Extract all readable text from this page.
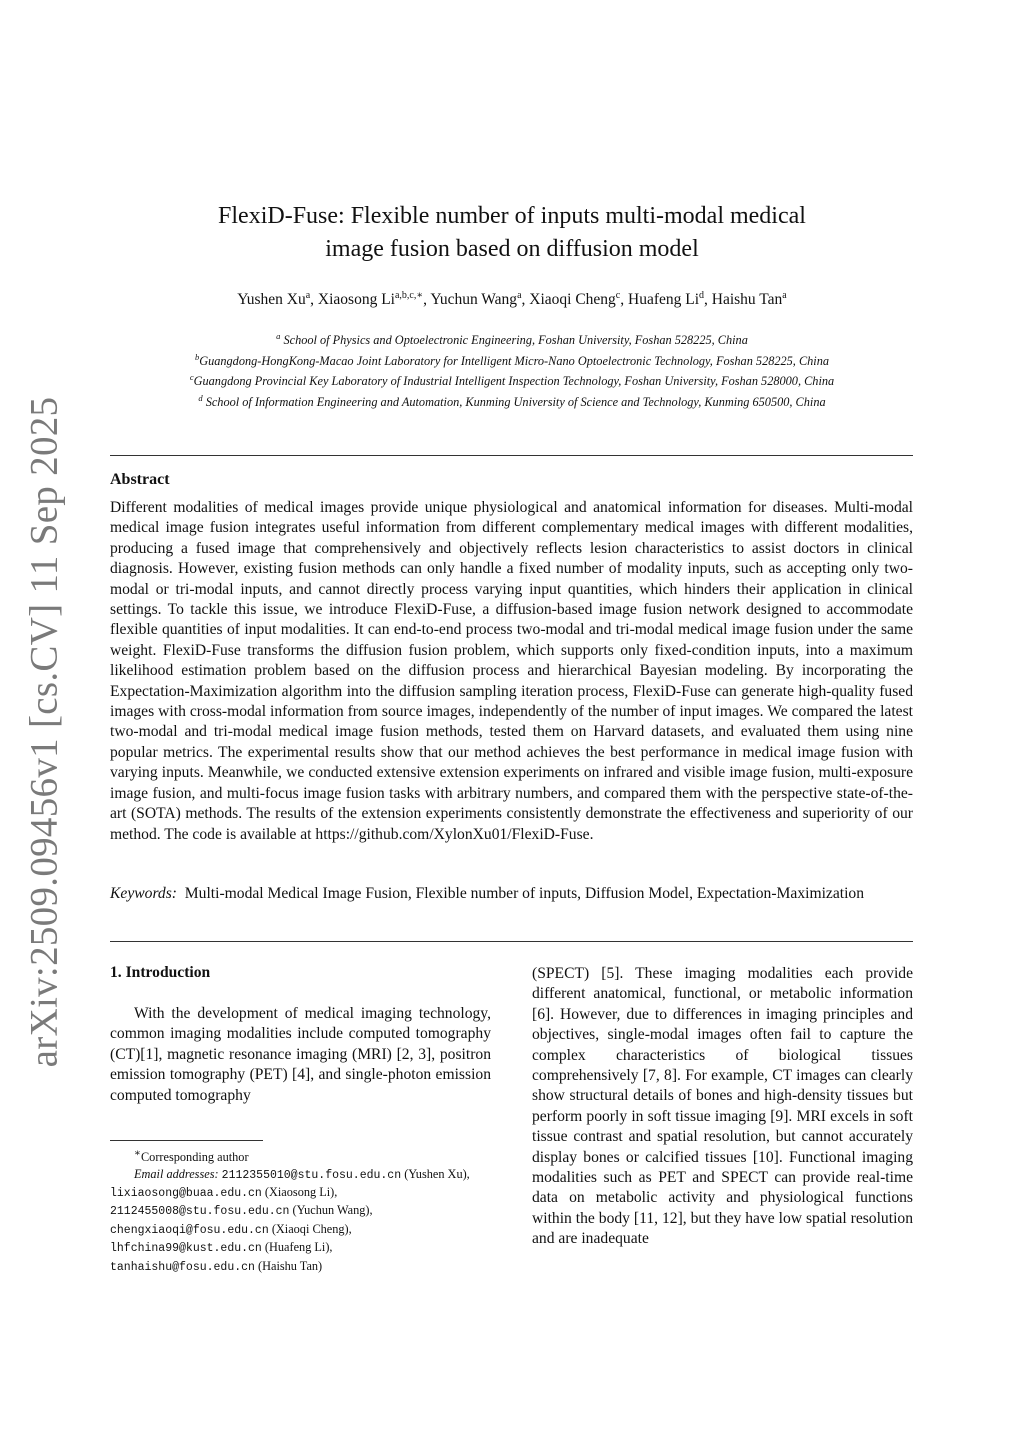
arXiv:2509.09456v1 [cs.CV] 11 Sep 2025
FlexiD-Fuse: Flexible number of inputs multi-modal medical
image fusion based on diffusion model
Yushen Xu$^a$, Xiaosong $Li^{a,b,c,∗}$, Yuchun Wang$^a$, Xiaoqi Cheng$^c$, Huafeng Li$^d$, Haishu Tan$^a$
$^a$ School of Physics and Optoelectronic Engineering, Foshan University, Foshan 528225, China
$^b$Guangdong-HongKong-Macao Joint Laboratory for Intelligent Micro-Nano Optoelectronic Technology, Foshan 528225, China
$^c$Guangdong Provincial Key Laboratory of Industrial Intelligent Inspection Technology, Foshan University, Foshan 528000, China
$^d$ School of Information Engineering and Automation, Kunming University of Science and Technology, Kunming 650500, China
Abstract

Different modalities of medical images provide unique physiological and anatomical information for diseases. Multi-modal medical image fusion integrates useful information from different complementary medical images with different modalities, producing a fused image that comprehensively and objectively reflects lesion characteristics to assist doctors in clinical diagnosis. However, existing fusion methods can only handle a fixed number of modality inputs, such as accepting only two-modal or tri-modal inputs, and cannot directly process varying input quantities, which hinders their application in clinical settings. To tackle this issue, we introduce FlexiD-Fuse, a diffusion-based image fusion network designed to accommodate flexible quantities of input modalities. It can end-to-end process two-modal and tri-modal medical image fusion under the same weight. FlexiD-Fuse transforms the diffusion fusion problem, which supports only fixed-condition inputs, into a maximum likelihood estimation problem based on the diffusion process and hierarchical Bayesian modeling. By incorporating the Expectation-Maximization algorithm into the diffusion sampling iteration process, FlexiD-Fuse can generate high-quality fused images with cross-modal information from source images, independently of the number of input images. We compared the latest two-modal and tri-modal medical image fusion methods, tested them on Harvard datasets, and evaluated them using nine popular metrics. The experimental results show that our method achieves the best performance in medical image fusion with varying inputs. Meanwhile, we conducted extensive extension experiments on infrared and visible image fusion, multi-exposure image fusion, and multi-focus image fusion tasks with arbitrary numbers, and compared them with the perspective state-of-the-art (SOTA) methods. The results of the extension experiments consistently demonstrate the effectiveness and superiority of our method. The code is available at https://github.com/XylonXu01/FlexiD-Fuse.

Keywords: Multi-modal Medical Image Fusion, Flexible number of inputs, Diffusion Model, Expectation-Maximization

1. Introduction

With the development of medical imaging technology, common imaging modalities include computed tomography (CT)[1], magnetic resonance imaging (MRI) [2, 3], positron emission tomography (PET) [4], and single-photon emission computed tomography

(SPECT) [5]. These imaging modalities each provide different anatomical, functional, or metabolic information [6]. However, due to differences in imaging principles and objectives, single-modal images often fail to capture the complex characteristics of biological tissues comprehensively [7, 8]. For example, CT images can clearly show structural details of bones and high-density tissues but perform poorly in soft tissue imaging [9]. MRI excels in soft tissue contrast and spatial resolution, but cannot accurately display bones or calcified tissues [10]. Functional imaging modalities such as PET and SPECT can provide real-time data on metabolic activity and physiological functions within the body [11, 12], but they have low spatial resolution and are inadequate

∗Corresponding author
Email addresses: 2112355010@stu.fosu.edu.cn (Yushen Xu), lixiaosong@buaa.edu.cn (Xiaosong Li),
2112455008@stu.fosu.edu.cn (Yuchun Wang),
chengxiaoqi@fosu.edu.cn (Xiaoqi Cheng),
lhfchina99@kust.edu.cn (Huafeng Li),
tanhaishu@fosu.edu.cn (Haishu Tan)
